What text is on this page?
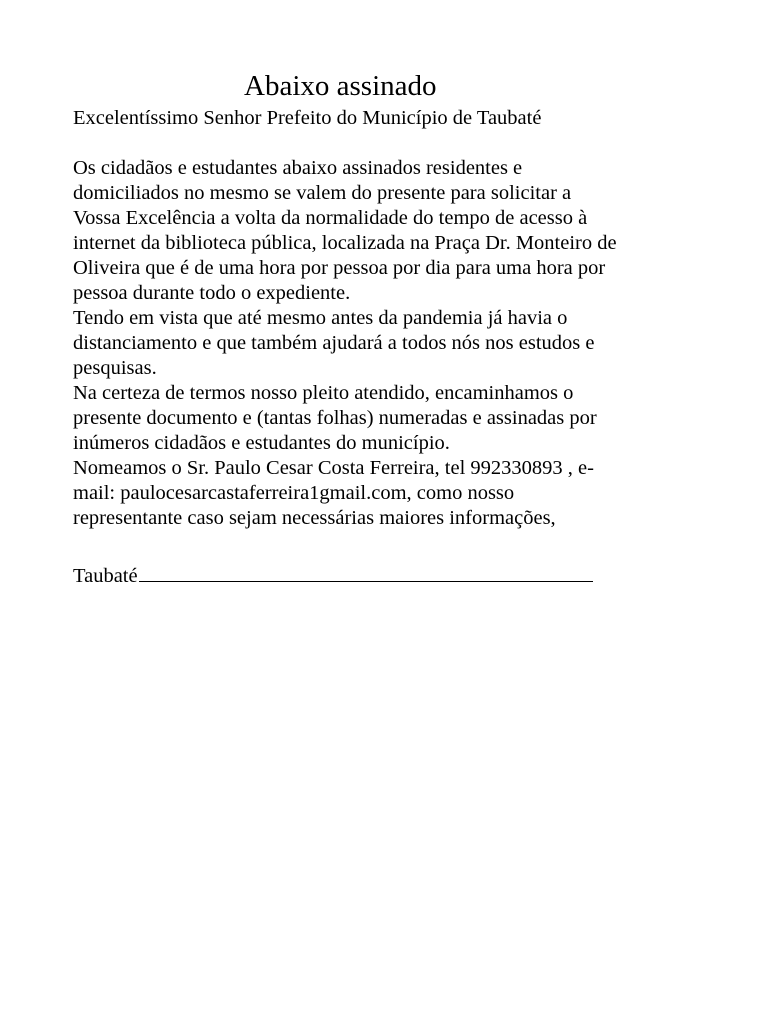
Abaixo assinado
Excelentíssimo Senhor Prefeito do Município de Taubaté
Os cidadãos e estudantes abaixo assinados residentes e
domiciliados no mesmo se valem do presente para solicitar a
Vossa Excelência a volta da normalidade do tempo de acesso à
internet da biblioteca pública, localizada na Praça Dr. Monteiro de
Oliveira que é de uma hora por pessoa por dia para uma hora por
pessoa durante todo o expediente.
Tendo em vista que até mesmo antes da pandemia já havia o
distanciamento e que também ajudará a todos nós nos estudos e
pesquisas.
Na certeza de termos nosso pleito atendido, encaminhamos o
presente documento e (tantas folhas) numeradas e assinadas por
inúmeros cidadãos e estudantes do município.
Nomeamos o Sr. Paulo Cesar Costa Ferreira, tel 992330893 , e-
mail: paulocesarcastaferreira1gmail.com, como nosso
representante caso sejam necessárias maiores informações,
Taubaté
